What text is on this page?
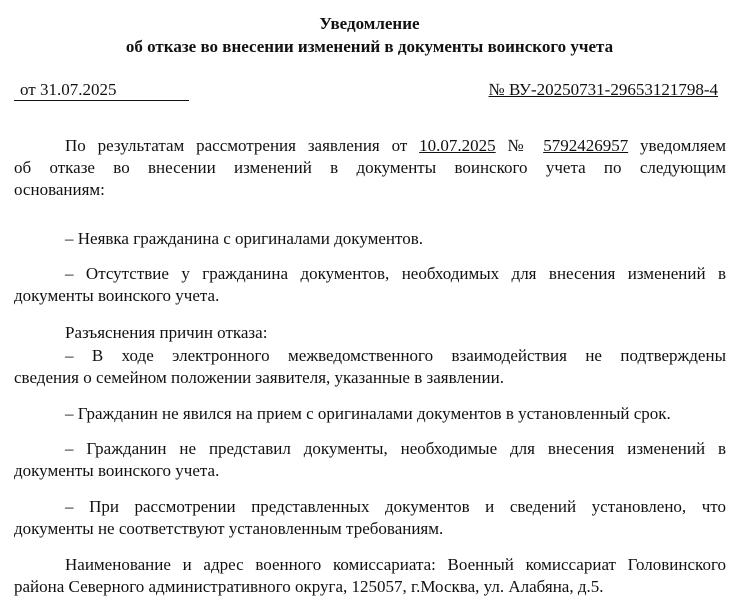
Уведомление
об отказе во внесении изменений в документы воинского учета
от 31.07.2025	№ ВУ-20250731-29653121798-4
По результатам рассмотрения заявления от 10.07.2025 № 5792426957 уведомляем
об отказе во внесении изменений в документы воинского учета по следующим
основаниям:
– Неявка гражданина с оригиналами документов.
– Отсутствие у гражданина документов, необходимых для внесения изменений в
документы воинского учета.
Разъяснения причин отказа:
– В ходе электронного межведомственного взаимодействия не подтверждены
сведения о семейном положении заявителя, указанные в заявлении.
– Гражданин не явился на прием с оригиналами документов в установленный срок.
– Гражданин не представил документы, необходимые для внесения изменений в
документы воинского учета.
– При рассмотрении представленных документов и сведений установлено, что
документы не соответствуют установленным требованиям.
Наименование и адрес военного комиссариата: Военный комиссариат Головинского
района Северного административного округа, 125057, г.Москва, ул. Алабяна, д.5.
